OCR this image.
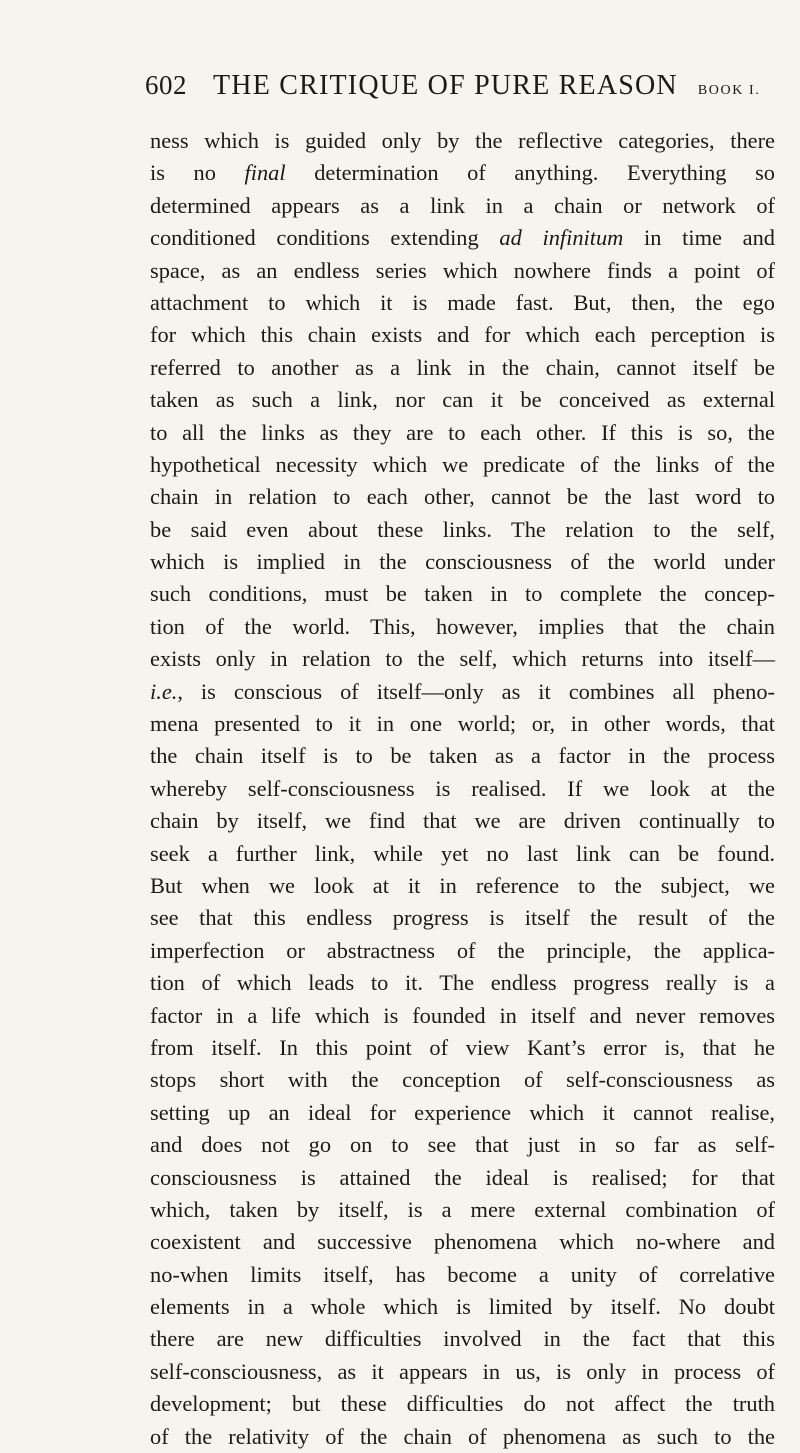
602 THE CRITIQUE OF PURE REASON BOOK I.
ness which is guided only by the reflective categories, there
is no final determination of anything. Everything so
determined appears as a link in a chain or network of
conditioned conditions extending ad infinitum in time and
space, as an endless series which nowhere finds a point of
attachment to which it is made fast. But, then, the ego
for which this chain exists and for which each perception is
referred to another as a link in the chain, cannot itself be
taken as such a link, nor can it be conceived as external
to all the links as they are to each other. If this is so, the
hypothetical necessity which we predicate of the links of the
chain in relation to each other, cannot be the last word to
be said even about these links. The relation to the self,
which is implied in the consciousness of the world under
such conditions, must be taken in to complete the concep-
tion of the world. This, however, implies that the chain
exists only in relation to the self, which returns into itself—
i.e., is conscious of itself—only as it combines all pheno-
mena presented to it in one world; or, in other words, that
the chain itself is to be taken as a factor in the process
whereby self-consciousness is realised. If we look at the
chain by itself, we find that we are driven continually to
seek a further link, while yet no last link can be found.
But when we look at it in reference to the subject, we
see that this endless progress is itself the result of the
imperfection or abstractness of the principle, the applica-
tion of which leads to it. The endless progress really is a
factor in a life which is founded in itself and never removes
from itself. In this point of view Kant’s error is, that he
stops short with the conception of self-consciousness as
setting up an ideal for experience which it cannot realise,
and does not go on to see that just in so far as self-
consciousness is attained the ideal is realised; for that
which, taken by itself, is a mere external combination of
coexistent and successive phenomena which no-where and
no-when limits itself, has become a unity of correlative
elements in a whole which is limited by itself. No doubt
there are new difficulties involved in the fact that this
self-consciousness, as it appears in us, is only in process of
development; but these difficulties do not affect the truth
of the relativity of the chain of phenomena as such to the
